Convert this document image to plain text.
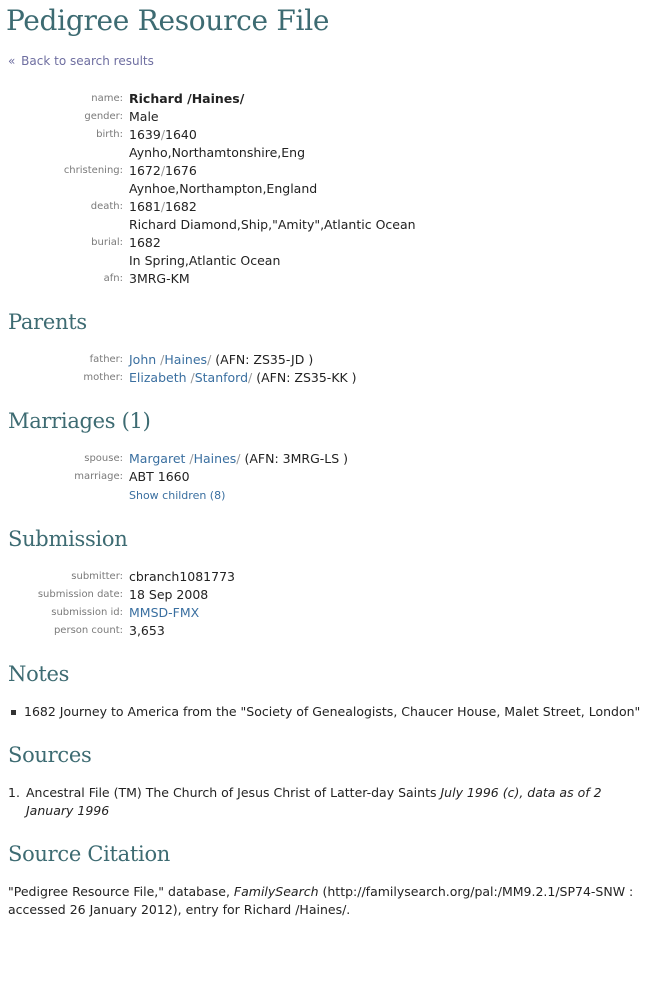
Pedigree Resource File
« Back to search results
name:	Richard /Haines/
gender:	Male
birth:	1639/1640
Aynho,Northamtonshire,Eng
christening:	1672/1676
Aynhoe,Northampton,England
death:	1681/1682
Richard Diamond,Ship,"Amity",Atlantic Ocean
burial:	1682
In Spring,Atlantic Ocean
afn:	3MRG-KM
Parents
father:	John /Haines/ (AFN: ZS35-JD )
mother:	Elizabeth /Stanford/ (AFN: ZS35-KK )
Marriages (1)
spouse:	Margaret /Haines/ (AFN: 3MRG-LS )
marriage:	ABT 1660
	Show children (8)
Submission
submitter:	cbranch1081773
submission date:	18 Sep 2008
submission id:	MMSD-FMX
person count:	3,653
Notes
1682 Journey to America from the "Society of Genealogists, Chaucer House, Malet Street, London"
Sources
1. Ancestral File (TM) The Church of Jesus Christ of Latter-day Saints July 1996 (c), data as of 2 January 1996
Source Citation
"Pedigree Resource File," database, FamilySearch (http://familysearch.org/pal:/MM9.2.1/SP74-SNW : accessed 26 January 2012), entry for Richard /Haines/.
